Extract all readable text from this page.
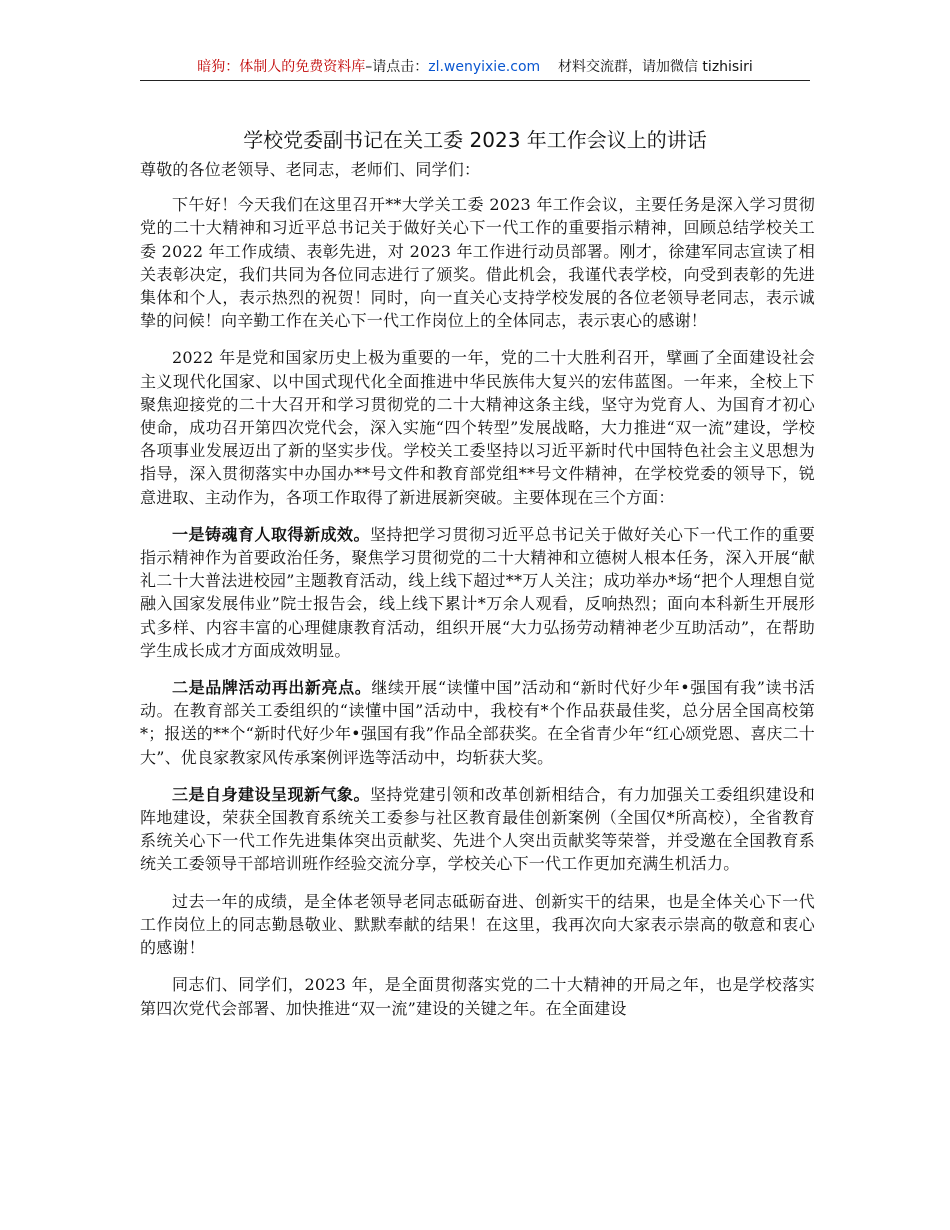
暗狗：体制人的免费资料库–请点击：zl.wenyixie.com 材料交流群，请加微信 tizhisiri
学校党委副书记在关工委 2023 年工作会议上的讲话

尊敬的各位老领导、老同志，老师们、同学们：

下午好！今天我们在这里召开**大学关工委 2023 年工作会议，主要任务是深入学习贯彻党的二十大精神和习近平总书记关于做好关心下一代工作的重要指示精神，回顾总结学校关工委 2022 年工作成绩、表彰先进，对 2023 年工作进行动员部署。刚才，徐建军同志宣读了相关表彰决定，我们共同为各位同志进行了颁奖。借此机会，我谨代表学校，向受到表彰的先进集体和个人，表示热烈的祝贺！同时，向一直关心支持学校发展的各位老领导老同志，表示诚挚的问候！向辛勤工作在关心下一代工作岗位上的全体同志，表示衷心的感谢！

2022 年是党和国家历史上极为重要的一年，党的二十大胜利召开，擘画了全面建设社会主义现代化国家、以中国式现代化全面推进中华民族伟大复兴的宏伟蓝图。一年来，全校上下聚焦迎接党的二十大召开和学习贯彻党的二十大精神这条主线，坚守为党育人、为国育才初心使命，成功召开第四次党代会，深入实施“四个转型”发展战略，大力推进“双一流”建设，学校各项事业发展迈出了新的坚实步伐。学校关工委坚持以习近平新时代中国特色社会主义思想为指导，深入贯彻落实中办国办**号文件和教育部党组**号文件精神，在学校党委的领导下，锐意进取、主动作为，各项工作取得了新进展新突破。主要体现在三个方面：

一是铸魂育人取得新成效。坚持把学习贯彻习近平总书记关于做好关心下一代工作的重要指示精神作为首要政治任务，聚焦学习贯彻党的二十大精神和立德树人根本任务，深入开展“献礼二十大普法进校园”主题教育活动，线上线下超过**万人关注；成功举办*场“把个人理想自觉融入国家发展伟业”院士报告会，线上线下累计*万余人观看，反响热烈；面向本科新生开展形式多样、内容丰富的心理健康教育活动，组织开展“大力弘扬劳动精神老少互助活动”，在帮助学生成长成才方面成效明显。

二是品牌活动再出新亮点。继续开展“读懂中国”活动和“新时代好少年•强国有我”读书活动。在教育部关工委组织的“读懂中国”活动中，我校有*个作品获最佳奖，总分居全国高校第*；报送的**个“新时代好少年•强国有我”作品全部获奖。在全省青少年“红心颂党恩、喜庆二十大”、优良家教家风传承案例评选等活动中，均斩获大奖。

三是自身建设呈现新气象。坚持党建引领和改革创新相结合，有力加强关工委组织建设和阵地建设，荣获全国教育系统关工委参与社区教育最佳创新案例（全国仅*所高校），全省教育系统关心下一代工作先进集体突出贡献奖、先进个人突出贡献奖等荣誉，并受邀在全国教育系统关工委领导干部培训班作经验交流分享，学校关心下一代工作更加充满生机活力。

过去一年的成绩，是全体老领导老同志砥砺奋进、创新实干的结果，也是全体关心下一代工作岗位上的同志勤恳敬业、默默奉献的结果！在这里，我再次向大家表示崇高的敬意和衷心的感谢！

同志们、同学们，2023 年，是全面贯彻落实党的二十大精神的开局之年，也是学校落实第四次党代会部署、加快推进“双一流”建设的关键之年。在全面建设
